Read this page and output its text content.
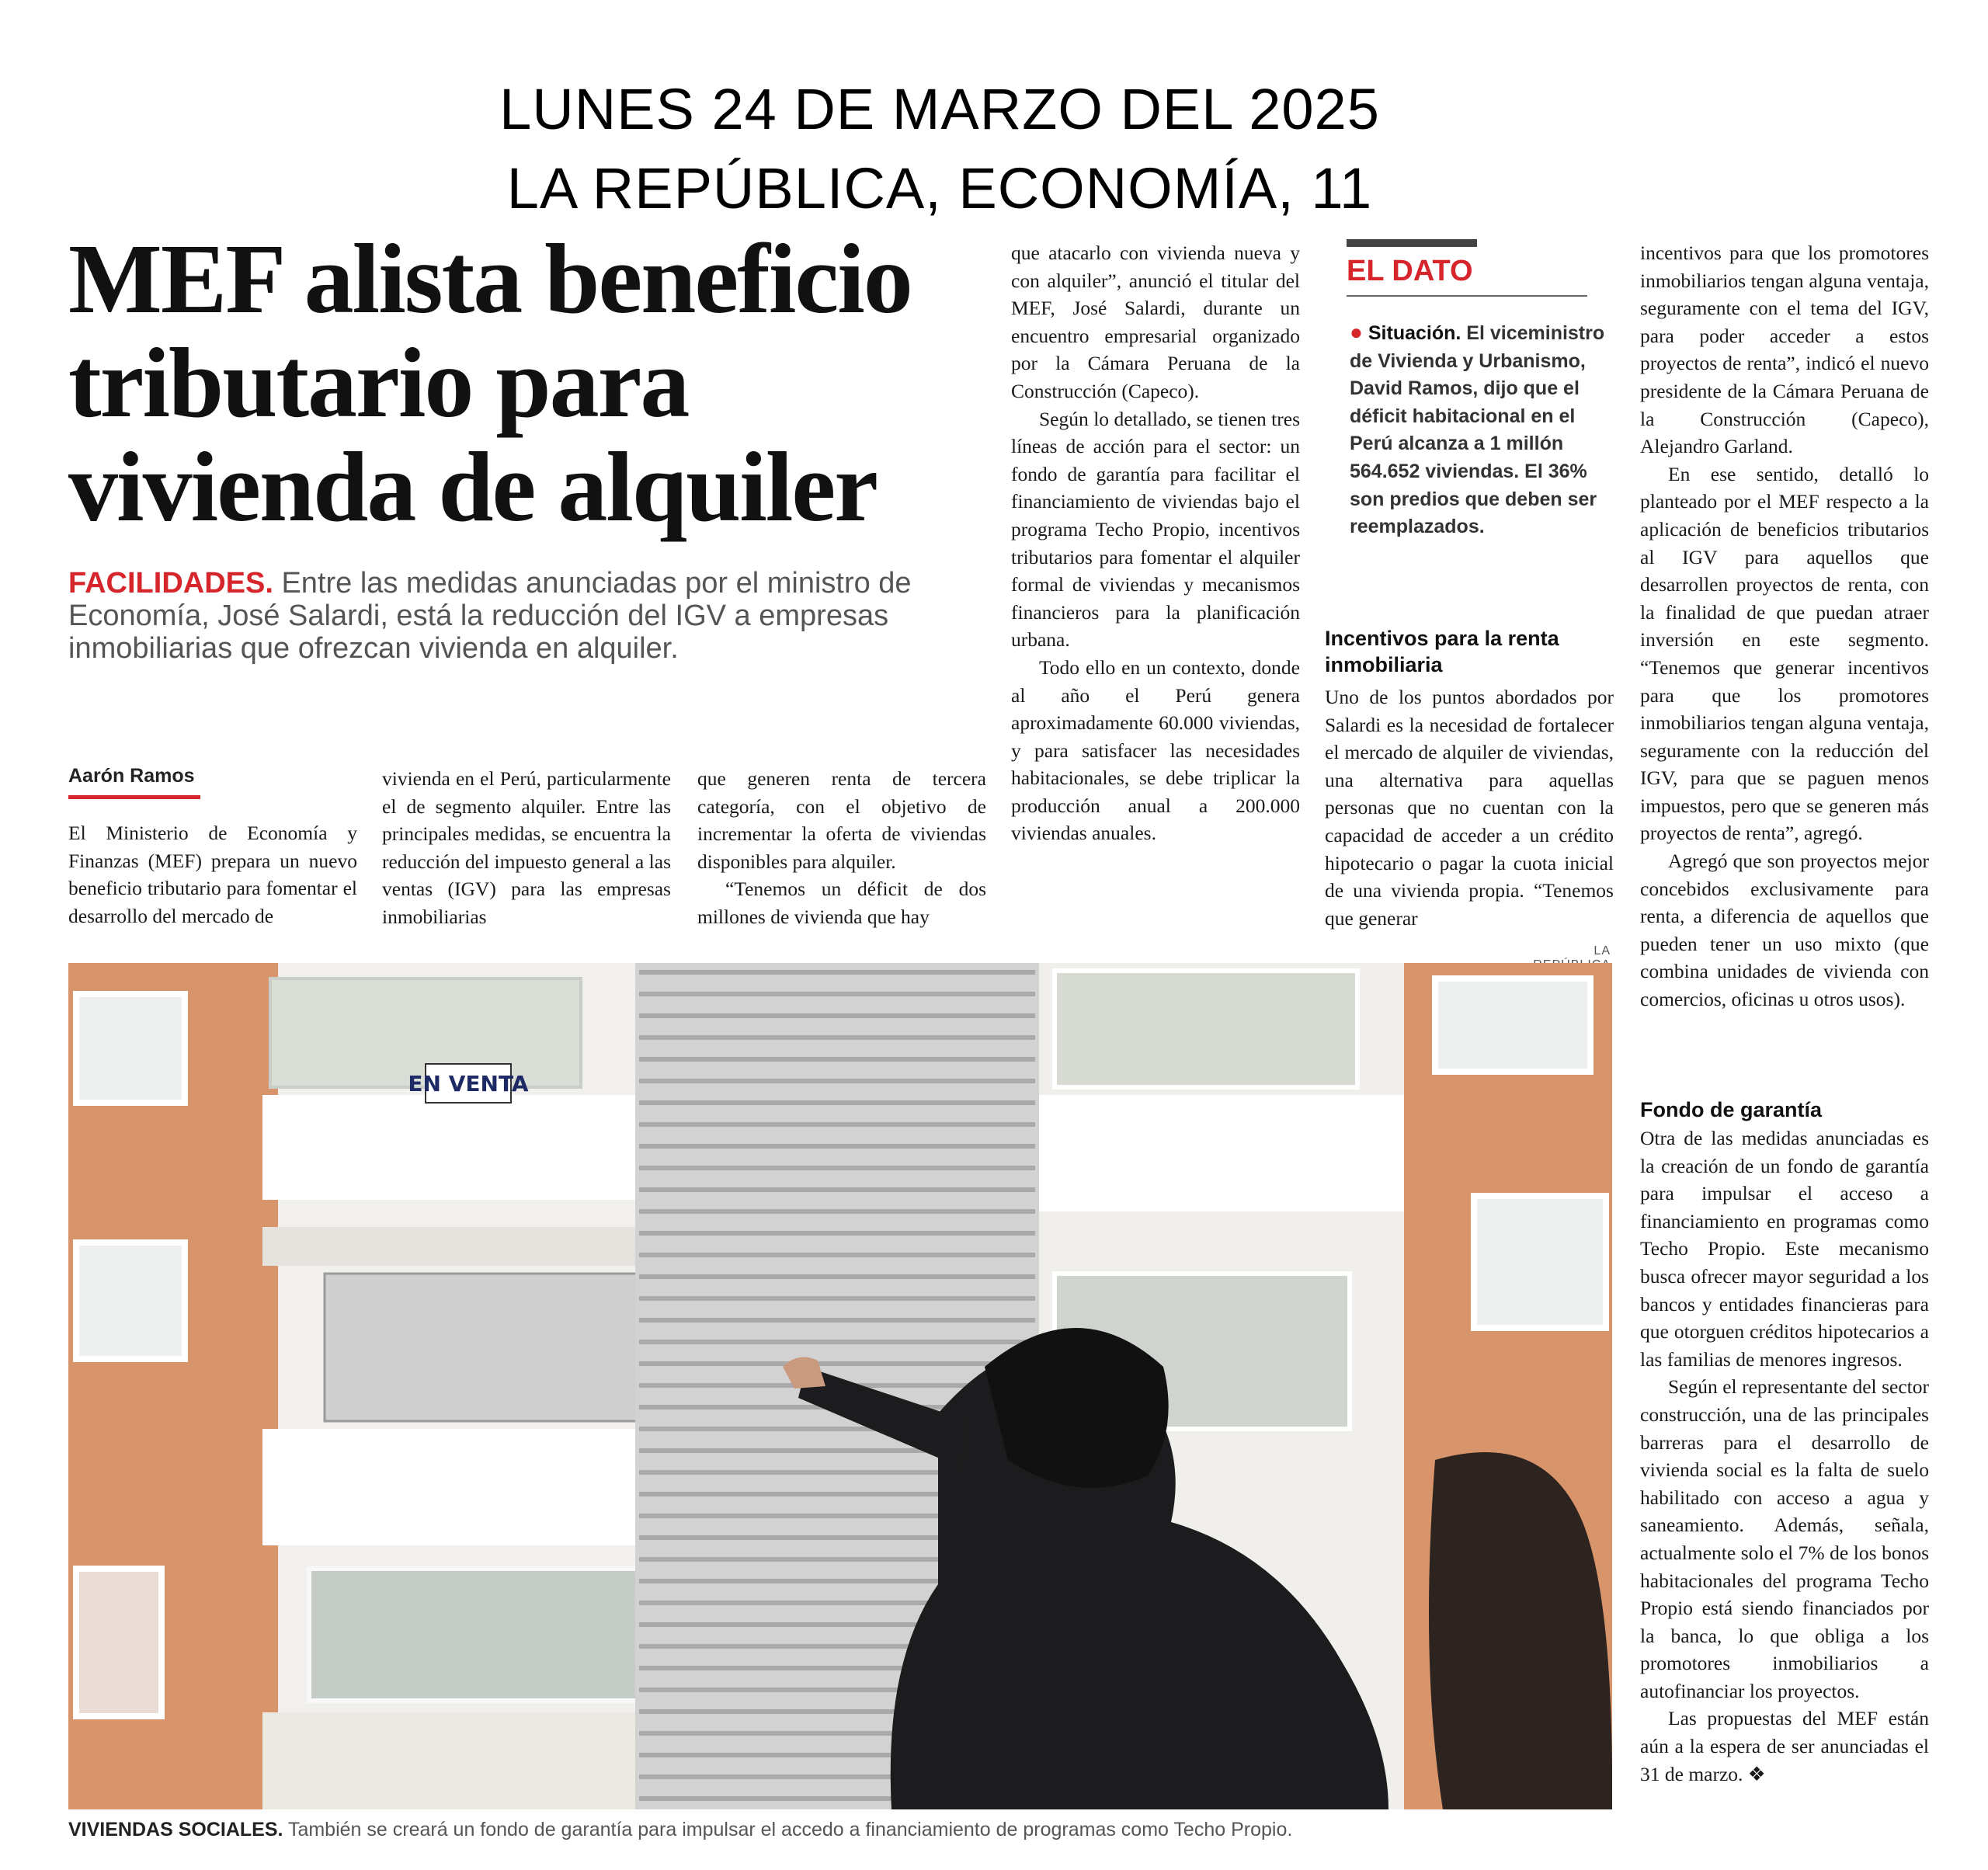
LUNES 24 DE MARZO DEL 2025
LA REPÚBLICA, ECONOMÍA, 11
MEF alista beneficio
tributario para
vivienda de alquiler
FACILIDADES. Entre las medidas anunciadas por el ministro de Economía, José Salardi, está la reducción del IGV a empresas inmobiliarias que ofrezcan vivienda en alquiler.
Aarón Ramos

El Ministerio de Economía y Finanzas (MEF) prepara un nuevo beneficio tributario para fomentar el desarrollo del mercado de

vivienda en el Perú, particularmente el de segmento alquiler. Entre las principales medidas, se encuentra la reducción del impuesto general a las ventas (IGV) para las empresas inmobiliarias

que generen renta de tercera categoría, con el objetivo de incrementar la oferta de viviendas disponibles para alquiler.

“Tenemos un déficit de dos millones de vivienda que hay

que atacarlo con vivienda nueva y con alquiler”, anunció el titular del MEF, José Salardi, durante un encuentro empresarial organizado por la Cámara Peruana de la Construcción (Capeco).

Según lo detallado, se tienen tres líneas de acción para el sector: un fondo de garantía para facilitar el financiamiento de viviendas bajo el programa Techo Propio, incentivos tributarios para fomentar el alquiler formal de viviendas y mecanismos financieros para la planificación urbana.

Todo ello en un contexto, donde al año el Perú genera aproximadamente 60.000 viviendas, y para satisfacer las necesidades habitacionales, se debe triplicar la producción anual a 200.000 viviendas anuales.

EL DATO
● Situación. El viceministro de Vivienda y Urbanismo, David Ramos, dijo que el déficit habitacional en el Perú alcanza a 1 millón 564.652 viviendas. El 36% son predios que deben ser reemplazados.

Incentivos para la renta inmobiliaria

Uno de los puntos abordados por Salardi es la necesidad de fortalecer el mercado de alquiler de viviendas, una alternativa para aquellas personas que no cuentan con la capacidad de acceder a un crédito hipotecario o pagar la cuota inicial de una vivienda propia. “Tenemos que generar

LA

incentivos para que los promotores inmobiliarios tengan alguna ventaja, seguramente con el tema del IGV, para poder acceder a estos proyectos de renta”, indicó el nuevo presidente de la Cámara Peruana de la Construcción (Capeco), Alejandro Garland.

En ese sentido, detalló lo planteado por el MEF respecto a la aplicación de beneficios tributarios al IGV para aquellos que desarrollen proyectos de renta, con la finalidad de que puedan atraer inversión en este segmento. “Tenemos que generar incentivos para que los promotores inmobiliarios tengan alguna ventaja, seguramente con la reducción del IGV, para que se paguen menos impuestos, pero que se generen más proyectos de renta”, agregó.

Agregó que son proyectos mejor concebidos exclusivamente para renta, a diferencia de aquellos que pueden tener un uso mixto (que combina unidades de vivienda con comercios, oficinas u otros usos).

Fondo de garantía

Otra de las medidas anunciadas es la creación de un fondo de garantía para impulsar el acceso a financiamiento en programas como Techo Propio. Este mecanismo busca ofrecer mayor seguridad a los bancos y entidades financieras para que otorguen créditos hipotecarios a las familias de menores ingresos.

Según el representante del sector construcción, una de las principales barreras para el desarrollo de vivienda social es la falta de suelo habilitado con acceso a agua y saneamiento. Además, señala, actualmente solo el 7% de los bonos habitacionales del programa Techo Propio está siendo financiados por la banca, lo que obliga a los promotores inmobiliarios a autofinanciar los proyectos.

Las propuestas del MEF están aún a la espera de ser anunciadas el 31 de marzo. ❖

EN VENTA
VIVIENDAS SOCIALES. También se creará un fondo de garantía para impulsar el accedo a financiamiento de programas como Techo Propio.
